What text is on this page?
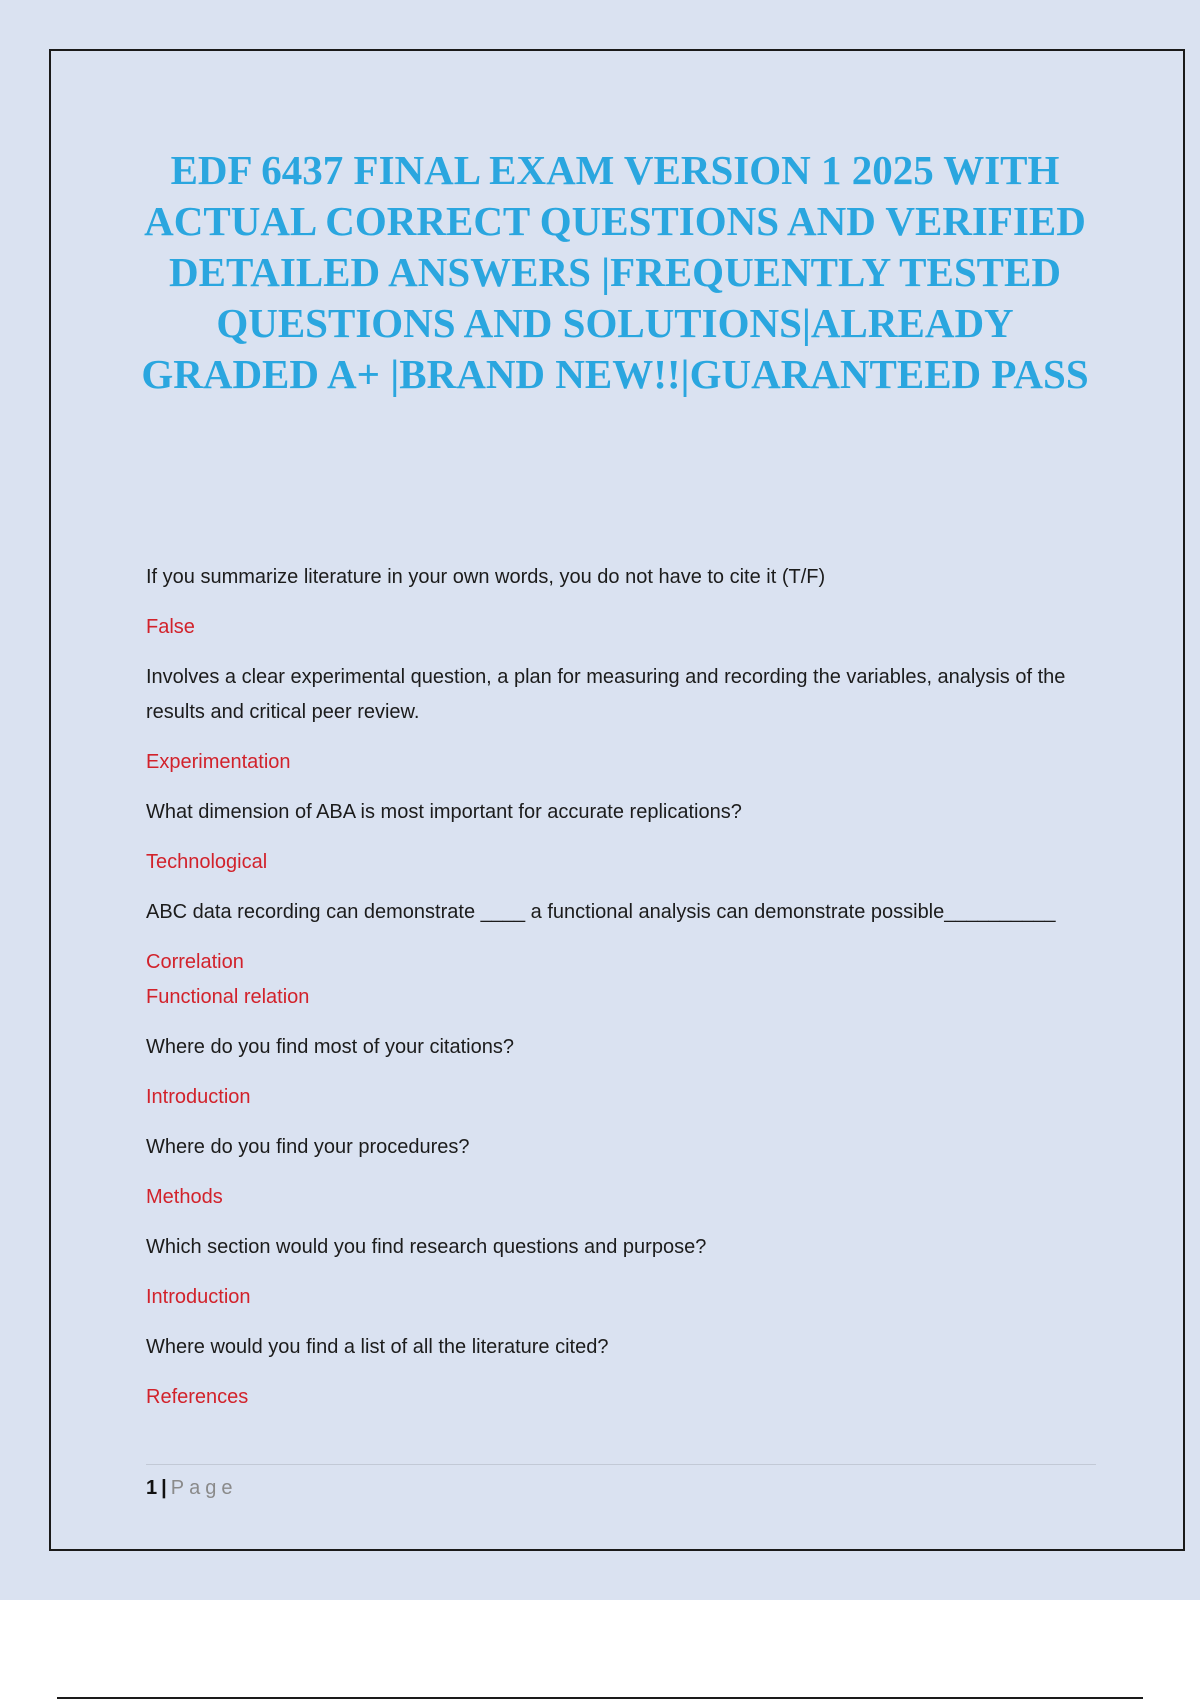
EDF 6437 FINAL EXAM VERSION 1 2025 WITH ACTUAL CORRECT QUESTIONS AND VERIFIED DETAILED ANSWERS |FREQUENTLY TESTED QUESTIONS AND SOLUTIONS|ALREADY GRADED A+ |BRAND NEW!!|GUARANTEED PASS

If you summarize literature in your own words, you do not have to cite it (T/F)

False

Involves a clear experimental question, a plan for measuring and recording the variables, analysis of the results and critical peer review.

Experimentation

What dimension of ABA is most important for accurate replications?

Technological

ABC data recording can demonstrate ____ a functional analysis can demonstrate possible__________

Correlation

Functional relation

Where do you find most of your citations?

Introduction

Where do you find your procedures?

Methods

Which section would you find research questions and purpose?

Introduction

Where would you find a list of all the literature cited?

References

1 | Page
